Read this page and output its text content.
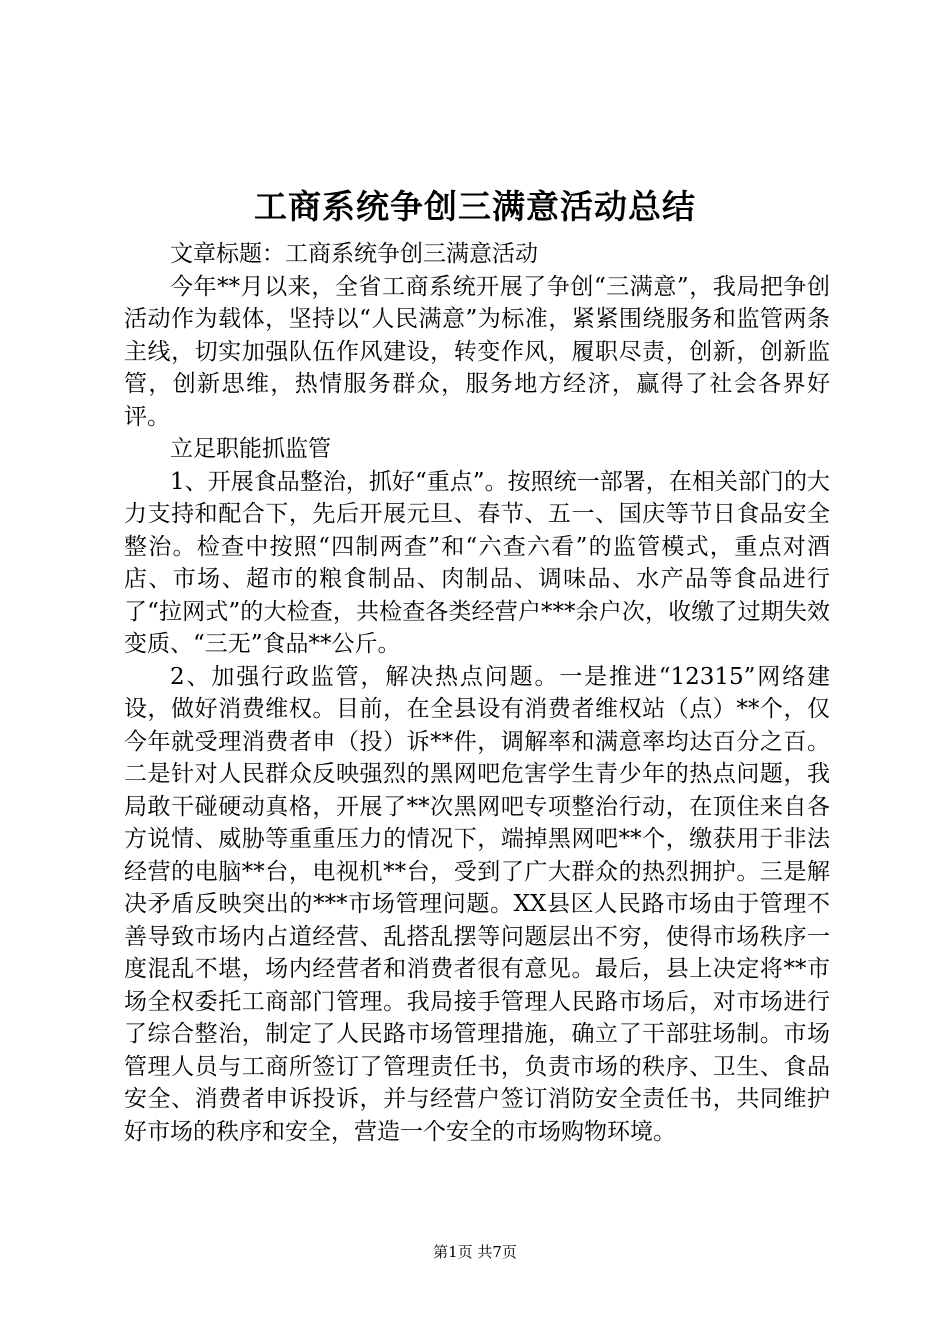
工商系统争创三满意活动总结

文章标题：工商系统争创三满意活动

今年**月以来，全省工商系统开展了争创“三满意”，我局把争创活动作为载体，坚持以“人民满意”为标准，紧紧围绕服务和监管两条主线，切实加强队伍作风建设，转变作风，履职尽责，创新，创新监管，创新思维，热情服务群众，服务地方经济，赢得了社会各界好评。

立足职能抓监管

1、开展食品整治，抓好“重点”。按照统一部署，在相关部门的大力支持和配合下，先后开展元旦、春节、五一、国庆等节日食品安全整治。检查中按照“四制两查”和“六查六看”的监管模式，重点对酒店、市场、超市的粮食制品、肉制品、调味品、水产品等食品进行了“拉网式”的大检查，共检查各类经营户***余户次，收缴了过期失效变质、“三无”食品**公斤。

2、加强行政监管，解决热点问题。一是推进“12315”网络建设，做好消费维权。目前，在全县设有消费者维权站（点）**个，仅今年就受理消费者申（投）诉**件，调解率和满意率均达百分之百。二是针对人民群众反映强烈的黑网吧危害学生青少年的热点问题，我局敢干碰硬动真格，开展了**次黑网吧专项整治行动，在顶住来自各方说情、威胁等重重压力的情况下，端掉黑网吧**个，缴获用于非法经营的电脑**台，电视机**台，受到了广大群众的热烈拥护。三是解决矛盾反映突出的***市场管理问题。XX县区人民路市场由于管理不善导致市场内占道经营、乱搭乱摆等问题层出不穷，使得市场秩序一度混乱不堪，场内经营者和消费者很有意见。最后，县上决定将**市场全权委托工商部门管理。我局接手管理人民路市场后，对市场进行了综合整治，制定了人民路市场管理措施，确立了干部驻场制。市场管理人员与工商所签订了管理责任书，负责市场的秩序、卫生、食品安全、消费者申诉投诉，并与经营户签订消防安全责任书，共同维护好市场的秩序和安全，营造一个安全的市场购物环境。

第1页 共7页
